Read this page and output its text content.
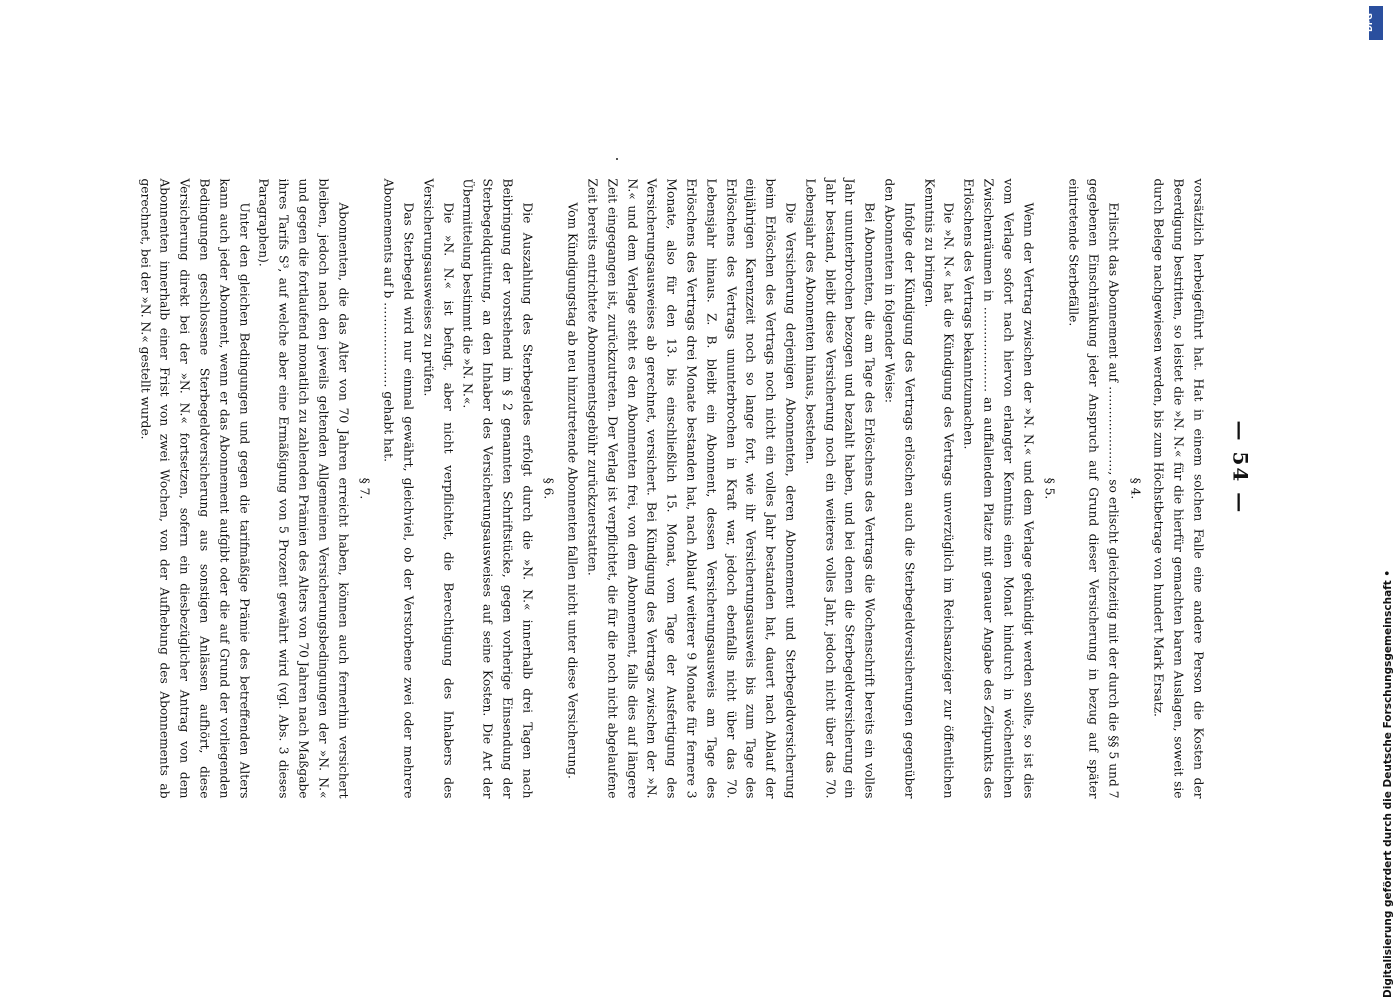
— 54 —

vorsätzlich herbeigeführt hat. Hat in einem solchen Falle eine andere Person die Kosten der Beerdigung bestritten, so leistet die »N. N.« für die hierfür gemachten baren Auslagen, soweit sie durch Belege nachgewiesen werden, bis zum Höchstbetrage von hundert Mark Ersatz.

§ 4.

Erlischt das Abonnement auf …………………, so erlischt gleichzeitig mit der durch die §§ 5 und 7 gegebenen Einschränkung jeder Anspruch auf Grund dieser Versicherung in bezug auf später eintretende Sterbefälle.

§ 5.

Wenn der Vertrag zwischen der »N. N.« und dem Verlage gekündigt werden sollte, so ist dies vom Verlage sofort nach hiervon erlangter Kenntnis einen Monat hindurch in wöchentlichen Zwischenräumen in ………………… an auffallendem Platze mit genauer Angabe des Zeitpunkts des Erlöschens des Vertrags bekanntzumachen.

Die »N. N.« hat die Kündigung des Vertrags unverzüglich im Reichsanzeiger zur öffentlichen Kenntnis zu bringen.

Infolge der Kündigung des Vertrags erlöschen auch die Sterbegeldversicherungen gegenüber den Abonnenten in folgender Weise:

Bei Abonnenten, die am Tage des Erlöschens des Vertrags die Wochenschrift bereits ein volles Jahr ununterbrochen bezogen und bezahlt haben, und bei denen die Sterbegeldversicherung ein Jahr bestand, bleibt diese Versicherung noch ein weiteres volles Jahr, jedoch nicht über das 70. Lebensjahr des Abonnenten hinaus, bestehen.

Die Versicherung derjenigen Abonnenten, deren Abonnement und Sterbegeldversicherung beim Erlöschen des Vertrags noch nicht ein volles Jahr bestanden hat, dauert nach Ablauf der einjährigen Karenzzeit noch so lange fort, wie ihr Versicherungsausweis bis zum Tage des Erlöschens des Vertrags ununterbrochen in Kraft war, jedoch ebenfalls nicht über das 70. Lebensjahr hinaus. Z. B. bleibt ein Abonnent, dessen Versicherungsausweis am Tage des Erlöschens des Vertrags drei Monate bestanden hat, nach Ablauf weiterer 9 Monate für fernere 3 Monate, also für den 13. bis einschließlich 15. Monat, vom Tage der Ausfertigung des Versicherungsausweises ab gerechnet, versichert. Bei Kündigung des Vertrags zwischen der »N. N.« und dem Verlage steht es den Abonnenten frei, von dem Abonnement, falls dies auf längere Zeit eingegangen ist, zurückzutreten. Der Verlag ist verpflichtet, die für die noch nicht abgelaufene Zeit bereits entrichtete Abonnementsgebühr zurückzuerstatten.

Vom Kündigungstag ab neu hinzutretende Abonnenten fallen nicht unter diese Versicherung.

§ 6.

Die Auszahlung des Sterbegeldes erfolgt durch die »N. N.« innerhalb drei Tagen nach Beibringung der vorstehend im § 2 genannten Schriftstücke, gegen vorherige Einsendung der Sterbegeldquittung, an den Inhaber des Versicherungsausweises auf seine Kosten. Die Art der Übermittelung bestimmt die »N. N.«.

Die »N. N.« ist befugt, aber nicht verpflichtet, die Berechtigung des Inhabers des Versicherungsausweises zu prüfen.

Das Sterbegeld wird nur einmal gewährt, gleichviel, ob der Verstorbene zwei oder mehrere Abonnements auf b ………………… gehabt hat.

§ 7.

Abonnenten, die das Alter von 70 Jahren erreicht haben, können auch fernerhin versichert bleiben, jedoch nach den jeweils geltenden Allgemeinen Versicherungsbedingungen der »N. N.« und gegen die fortlaufend monatlich zu zahlenden Prämien des Alters von 70 Jahren nach Maßgabe ihres Tarifs S³, auf welche aber eine Ermäßigung von 5 Prozent gewährt wird (vgl. Abs. 3 dieses Paragraphen).

Unter den gleichen Bedingungen und gegen die tarifmäßige Prämie des betreffenden Alters kann auch jeder Abonnent, wenn er das Abonnement aufgibt oder die auf Grund der vorliegenden Bedingungen geschlossene Sterbegeldversicherung aus sonstigen Anlässen aufhört, diese Versicherung direkt bei der »N. N.« fortsetzen, sofern ein diesbezüglicher Antrag von dem Abonnenten innerhalb einer Frist von zwei Wochen, von der Aufhebung des Abonnements ab gerechnet, bei der »N. N.« gestellt wurde.

Digitalisierung gefördert durch die Deutsche Forschungsgemeinschaft •
DFG
